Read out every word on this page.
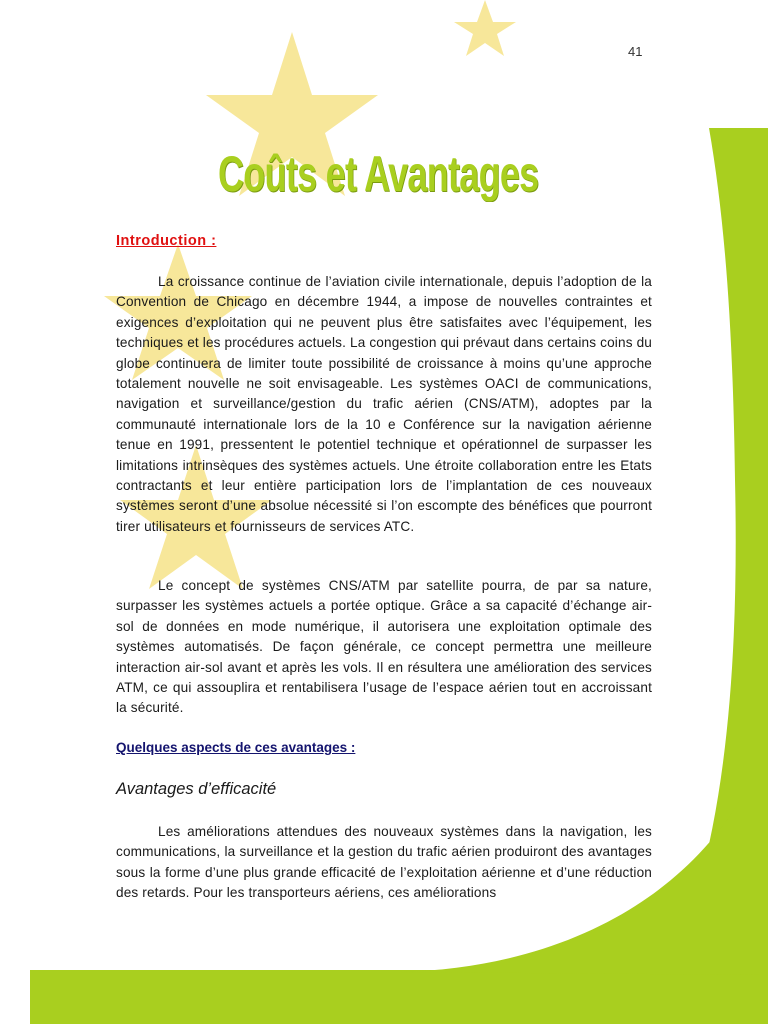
41
Coûts et Avantages
Introduction :

La croissance continue de l’aviation civile internationale, depuis l’adoption de la Convention de Chicago en décembre 1944, a impose de nouvelles contraintes et exigences d’exploitation qui ne peuvent plus être satisfaites avec l’équipement, les techniques et les procédures actuels. La congestion qui prévaut dans certains coins du globe continuera de limiter toute possibilité de croissance à moins qu’une approche totalement nouvelle ne soit envisageable. Les systèmes OACI de communications, navigation et surveillance/gestion du trafic aérien (CNS/ATM), adoptes par la communauté internationale lors de la 10 e Conférence sur la navigation aérienne tenue en 1991, pressentent le potentiel technique et opérationnel de surpasser les limitations intrinsèques des systèmes actuels. Une étroite collaboration entre les Etats contractants et leur entière participation lors de l’implantation de ces nouveaux systèmes seront d’une absolue nécessité si l’on escompte des bénéfices que pourront tirer utilisateurs et fournisseurs de services ATC.

Le concept de systèmes CNS/ATM par satellite pourra, de par sa nature, surpasser les systèmes actuels a portée optique. Grâce a sa capacité d’échange air-sol de données en mode numérique, il autorisera une exploitation optimale des systèmes automatisés. De façon générale, ce concept permettra une meilleure interaction air-sol avant et après les vols. Il en résultera une amélioration des services ATM, ce qui assouplira et rentabilisera l’usage de l’espace aérien tout en accroissant la sécurité.

Quelques aspects de ces avantages :
Avantages d’efficacité

Les améliorations attendues des nouveaux systèmes dans la navigation, les communications, la surveillance et la gestion du trafic aérien produiront des avantages sous la forme d’une plus grande efficacité de l’exploitation aérienne et d’une réduction des retards. Pour les transporteurs aériens, ces améliorations
